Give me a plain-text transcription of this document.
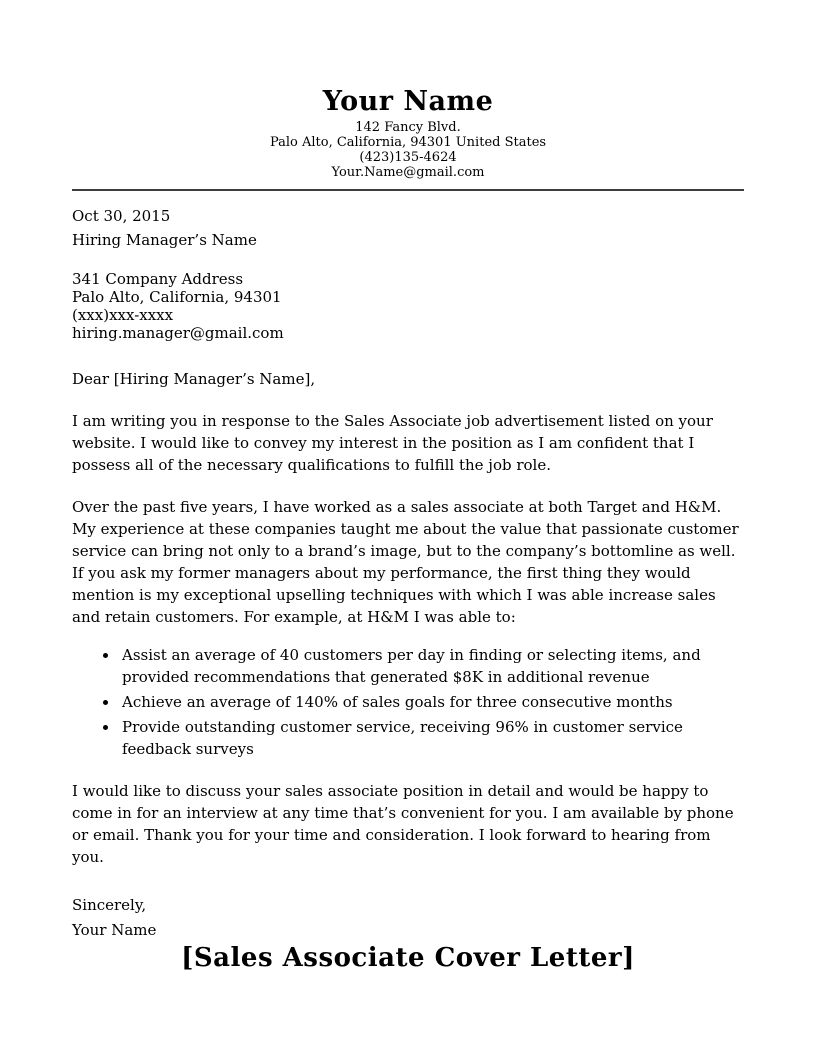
Your Name
142 Fancy Blvd.
Palo Alto, California, 94301 United States
(423)135-4624
Your.Name@gmail.com
Oct 30, 2015
Hiring Manager’s Name
341 Company Address
Palo Alto, California, 94301
(xxx)xxx-xxxx
hiring.manager@gmail.com

Dear [Hiring Manager’s Name],

I am writing you in response to the Sales Associate job advertisement listed on your website. I would like to convey my interest in the position as I am confident that I possess all of the necessary qualifications to fulfill the job role.

Over the past five years, I have worked as a sales associate at both Target and H&M. My experience at these companies taught me about the value that passionate customer service can bring not only to a brand’s image, but to the company’s bottomline as well. If you ask my former managers about my performance, the first thing they would mention is my exceptional upselling techniques with which I was able increase sales and retain customers. For example, at H&M I was able to:

• Assist an average of 40 customers per day in finding or selecting items, and provided recommendations that generated $8K in additional revenue
• Achieve an average of 140% of sales goals for three consecutive months
• Provide outstanding customer service, receiving 96% in customer service feedback surveys

I would like to discuss your sales associate position in detail and would be happy to come in for an interview at any time that’s convenient for you. I am available by phone or email. Thank you for your time and consideration. I look forward to hearing from you.

Sincerely,
Your Name
[Sales Associate Cover Letter]
